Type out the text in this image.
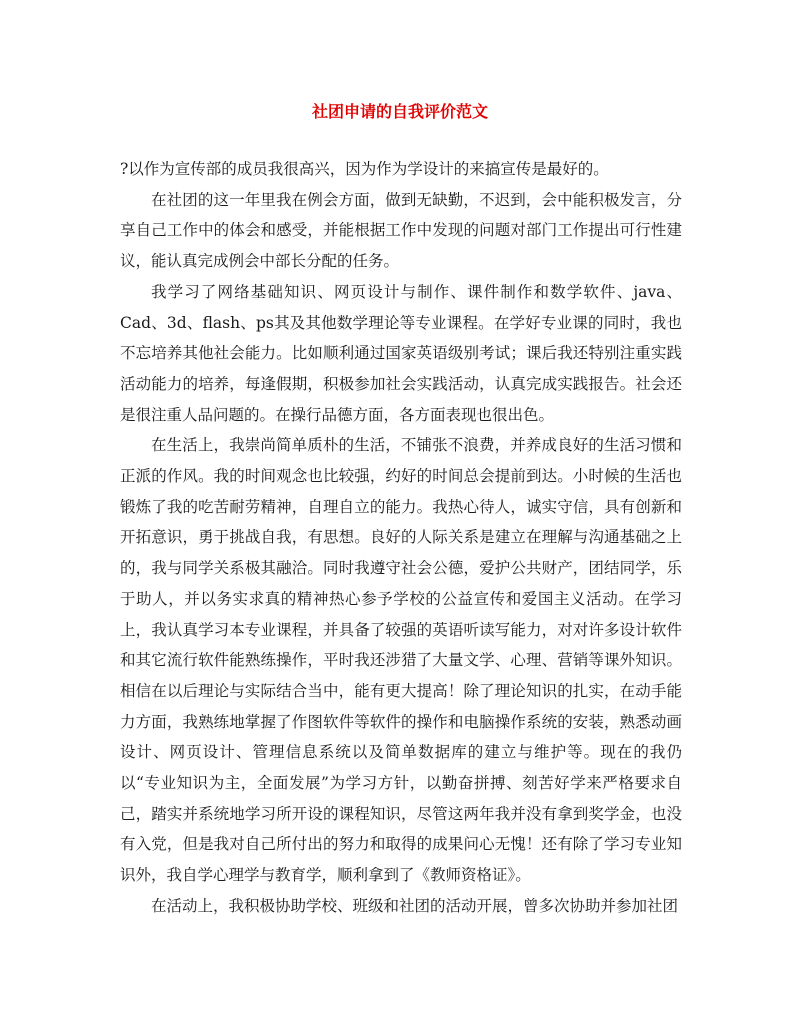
社团申请的自我评价范文

?以作为宣传部的成员我很高兴，因为作为学设计的来搞宣传是最好的。

在社团的这一年里我在例会方面，做到无缺勤，不迟到，会中能积极发言，分享自己工作中的体会和感受，并能根据工作中发现的问题对部门工作提出可行性建议，能认真完成例会中部长分配的任务。

我学习了网络基础知识、网页设计与制作、课件制作和数学软件、java、Cad、3d、flash、ps其及其他数学理论等专业课程。在学好专业课的同时，我也不忘培养其他社会能力。比如顺利通过国家英语级别考试；课后我还特别注重实践活动能力的培养，每逢假期，积极参加社会实践活动，认真完成实践报告。社会还是很注重人品问题的。在操行品德方面，各方面表现也很出色。

在生活上，我崇尚简单质朴的生活，不铺张不浪费，并养成良好的生活习惯和正派的作风。我的时间观念也比较强，约好的时间总会提前到达。小时候的生活也锻炼了我的吃苦耐劳精神，自理自立的能力。我热心待人，诚实守信，具有创新和开拓意识，勇于挑战自我，有思想。良好的人际关系是建立在理解与沟通基础之上的，我与同学关系极其融洽。同时我遵守社会公德，爱护公共财产，团结同学，乐于助人，并以务实求真的精神热心参予学校的公益宣传和爱国主义活动。在学习上，我认真学习本专业课程，并具备了较强的英语听读写能力，对对许多设计软件和其它流行软件能熟练操作，平时我还涉猎了大量文学、心理、营销等课外知识。相信在以后理论与实际结合当中，能有更大提高！除了理论知识的扎实，在动手能力方面，我熟练地掌握了作图软件等软件的操作和电脑操作系统的安装，熟悉动画设计、网页设计、管理信息系统以及简单数据库的建立与维护等。现在的我仍以“专业知识为主，全面发展”为学习方针，以勤奋拼搏、刻苦好学来严格要求自己，踏实并系统地学习所开设的课程知识，尽管这两年我并没有拿到奖学金，也没有入党，但是我对自己所付出的努力和取得的成果问心无愧！还有除了学习专业知识外，我自学心理学与教育学，顺利拿到了《教师资格证》。

在活动上，我积极协助学校、班级和社团的活动开展，曾多次协助并参加社团
